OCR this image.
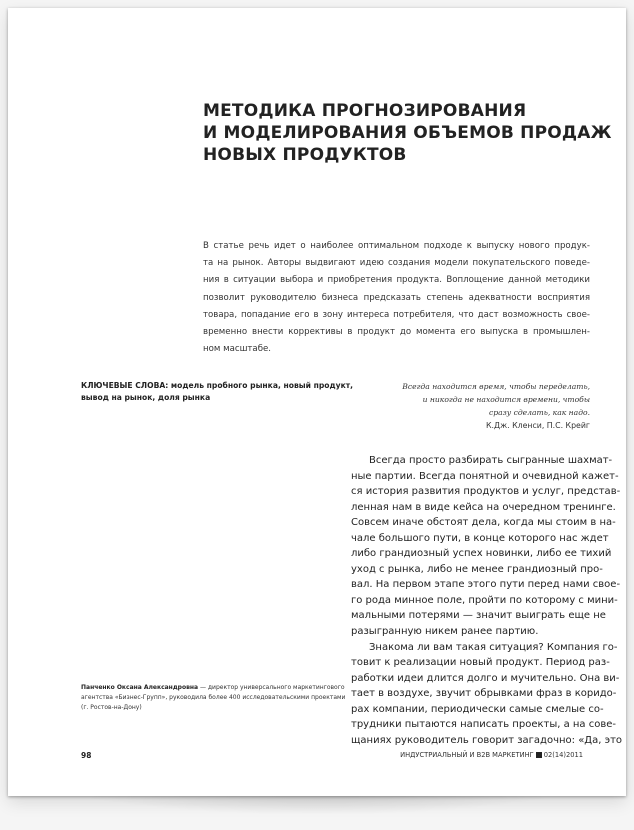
МЕТОДИКА ПРОГНОЗИРОВАНИЯ
И МОДЕЛИРОВАНИЯ ОБЪЕМОВ ПРОДАЖ
НОВЫХ ПРОДУКТОВ
В статье речь идет о наиболее оптимальном подходе к выпуску нового продук-
та на рынок. Авторы выдвигают идею создания модели покупательского поведе-
ния в ситуации выбора и приобретения продукта. Воплощение данной методики
позволит руководителю бизнеса предсказать степень адекватности восприятия
товара, попадание его в зону интереса потребителя, что даст возможность свое-
временно внести коррективы в продукт до момента его выпуска в промышлен-
ном масштабе.
КЛЮЧЕВЫЕ СЛОВА: модель пробного рынка, новый продукт,
вывод на рынок, доля рынка
Всегда находится время, чтобы переделать,
и никогда не находится времени, чтобы
сразу сделать, как надо.
К.Дж. Кленси, П.С. Крейг
Всегда просто разбирать сыгранные шахмат-
ные партии. Всегда понятной и очевидной кажет-
ся история развития продуктов и услуг, представ-
ленная нам в виде кейса на очередном тренинге.
Совсем иначе обстоят дела, когда мы стоим в на-
чале большого пути, в конце которого нас ждет
либо грандиозный успех новинки, либо ее тихий
уход с рынка, либо не менее грандиозный про-
вал. На первом этапе этого пути перед нами свое-
го рода минное поле, пройти по которому с мини-
мальными потерями — значит выиграть еще не
разыгранную никем ранее партию.
Знакома ли вам такая ситуация? Компания го-
товит к реализации новый продукт. Период раз-
работки идеи длится долго и мучительно. Она ви-
тает в воздухе, звучит обрывками фраз в коридо-
рах компании, периодически самые смелые со-
трудники пытаются написать проекты, а на сове-
щаниях руководитель говорит загадочно: «Да, это
Панченко Оксана Александровна — директор универсального маркетингового
агентства «Бизнес-Групп», руководила более 400 исследовательскими проектами
(г. Ростов-на-Дону)
98	ИНДУСТРИАЛЬНЫЙ И B2B МАРКЕТИНГ 02(14)2011
